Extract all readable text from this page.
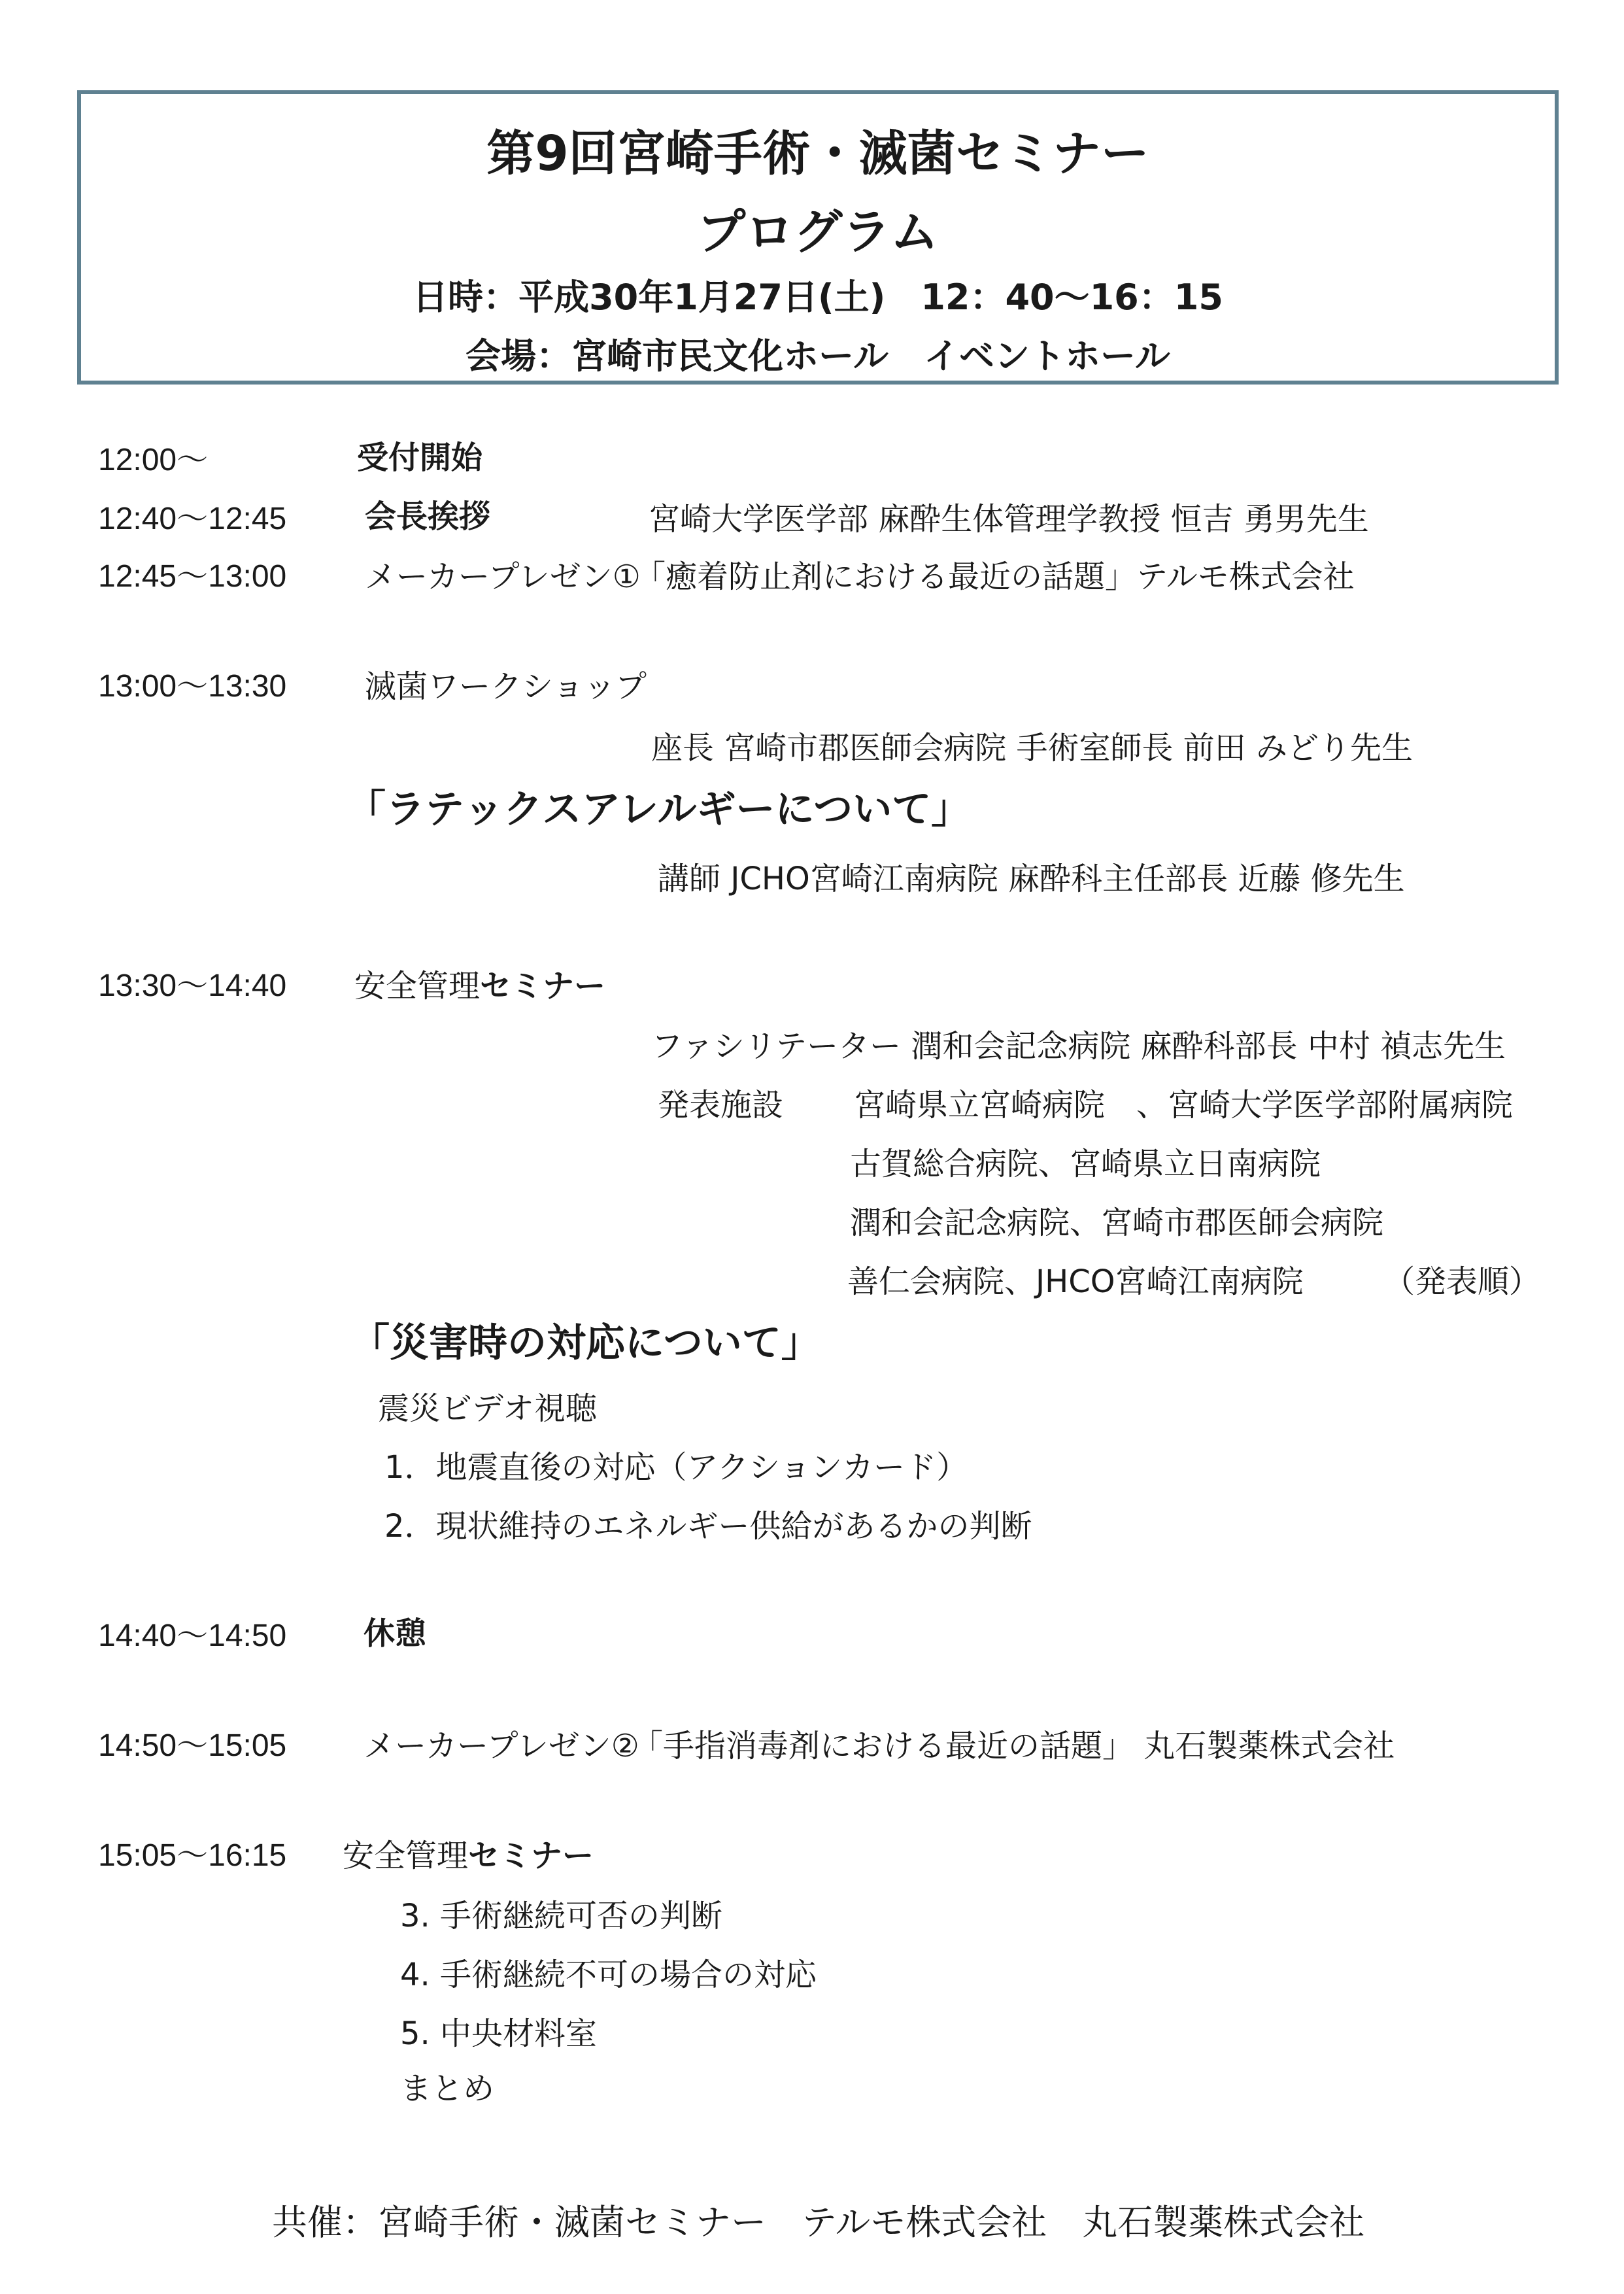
第9回宮崎手術・滅菌セミナー
プログラム
日時：平成30年1月27日(土)　12：40～16：15
会場：宮崎市民文化ホール　イベントホール
12:00～	受付開始
12:40～12:45 会長挨拶	宮崎大学医学部 麻酔生体管理学教授 恒吉 勇男先生
12:45～13:00 メーカープレゼン①
「癒着防止剤における最近の話題」テルモ株式会社
13:00～13:30 滅菌ワークショップ
座長 宮崎市郡医師会病院 手術室師長 前田 みどり先生
「ラテックスアレルギーについて」
講師 JCHO宮崎江南病院 麻酔科主任部長 近藤 修先生
13:30～14:40 安全管理セミナー
ファシリテーター 潤和会記念病院 麻酔科部長 中村 禎志先生
発表施設 宮崎県立宮崎病院　、宮崎大学医学部附属病院
古賀総合病院、宮崎県立日南病院
潤和会記念病院、宮崎市郡医師会病院
善仁会病院、JHCO宮崎江南病院	（発表順）
「災害時の対応について」
震災ビデオ視聴
1．地震直後の対応（アクションカード）
2．現状維持のエネルギー供給があるかの判断
14:40～14:50 休憩
14:50～15:05 メーカープレゼン②
「手指消毒剤における最近の話題」 丸石製薬株式会社
15:05～16:15 安全管理セミナー
3. 手術継続可否の判断
4. 手術継続不可の場合の対応
5. 中央材料室
まとめ
共催：宮崎手術・滅菌セミナー　テルモ株式会社　丸石製薬株式会社
